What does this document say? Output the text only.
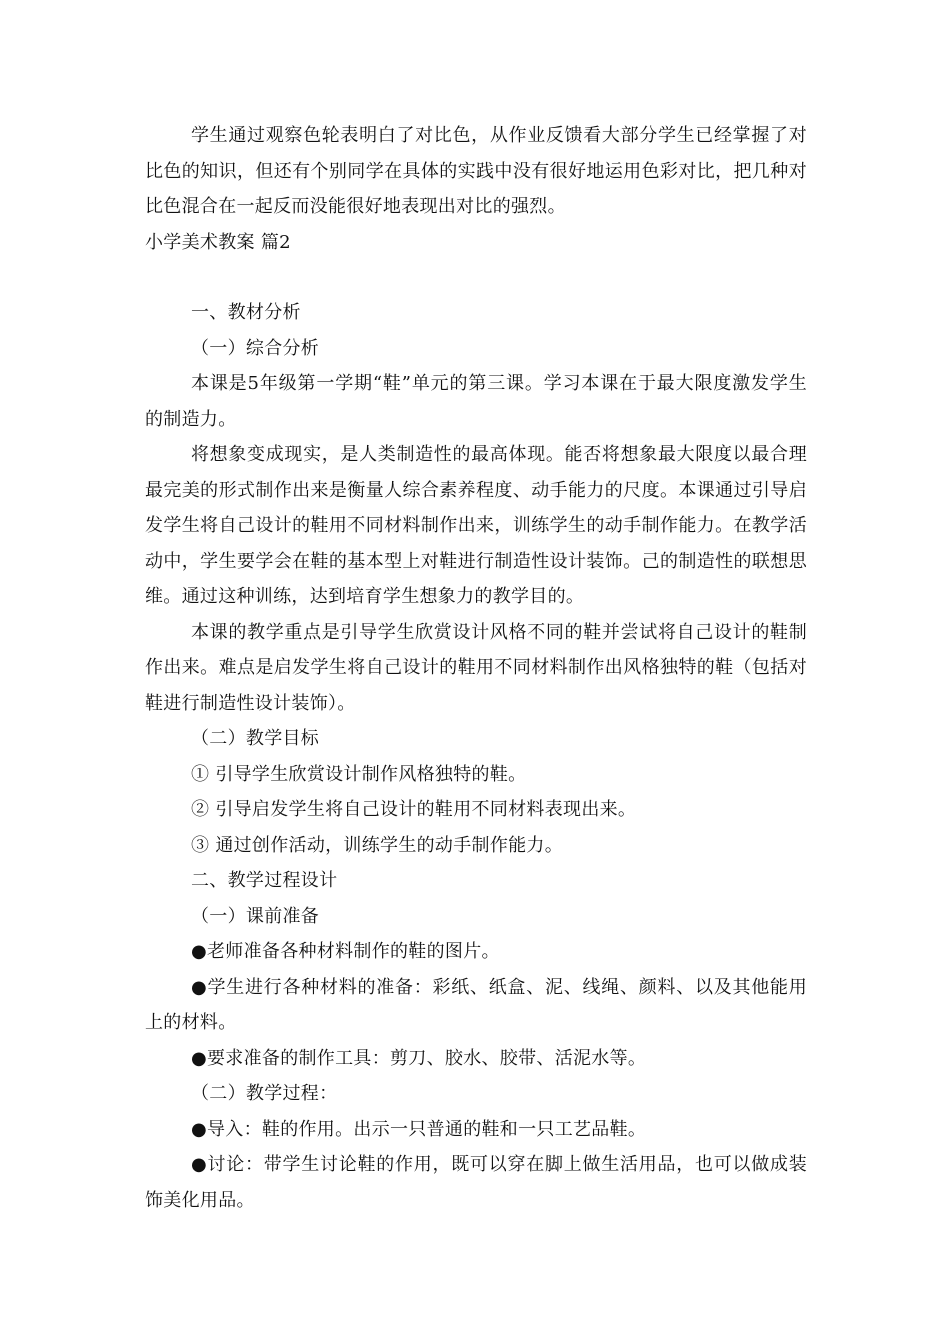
学生通过观察色轮表明白了对比色，从作业反馈看大部分学生已经掌握了对比色的知识，但还有个别同学在具体的实践中没有很好地运用色彩对比，把几种对比色混合在一起反而没能很好地表现出对比的强烈。

小学美术教案 篇2

一、教材分析

（一）综合分析

本课是5年级第一学期“鞋”单元的第三课。学习本课在于最大限度激发学生的制造力。

将想象变成现实，是人类制造性的最高体现。能否将想象最大限度以最合理最完美的形式制作出来是衡量人综合素养程度、动手能力的尺度。本课通过引导启发学生将自己设计的鞋用不同材料制作出来，训练学生的动手制作能力。在教学活动中，学生要学会在鞋的基本型上对鞋进行制造性设计装饰。己的制造性的联想思维。通过这种训练，达到培育学生想象力的教学目的。

本课的教学重点是引导学生欣赏设计风格不同的鞋并尝试将自己设计的鞋制作出来。难点是启发学生将自己设计的鞋用不同材料制作出风格独特的鞋（包括对鞋进行制造性设计装饰）。

（二）教学目标

① 引导学生欣赏设计制作风格独特的鞋。

② 引导启发学生将自己设计的鞋用不同材料表现出来。

③ 通过创作活动，训练学生的动手制作能力。

二、教学过程设计

（一）课前准备

●老师准备各种材料制作的鞋的图片。

●学生进行各种材料的准备：彩纸、纸盒、泥、线绳、颜料、以及其他能用上的材料。

●要求准备的制作工具：剪刀、胶水、胶带、活泥水等。

（二）教学过程：

●导入：鞋的作用。出示一只普通的鞋和一只工艺品鞋。

●讨论：带学生讨论鞋的作用，既可以穿在脚上做生活用品，也可以做成装饰美化用品。
